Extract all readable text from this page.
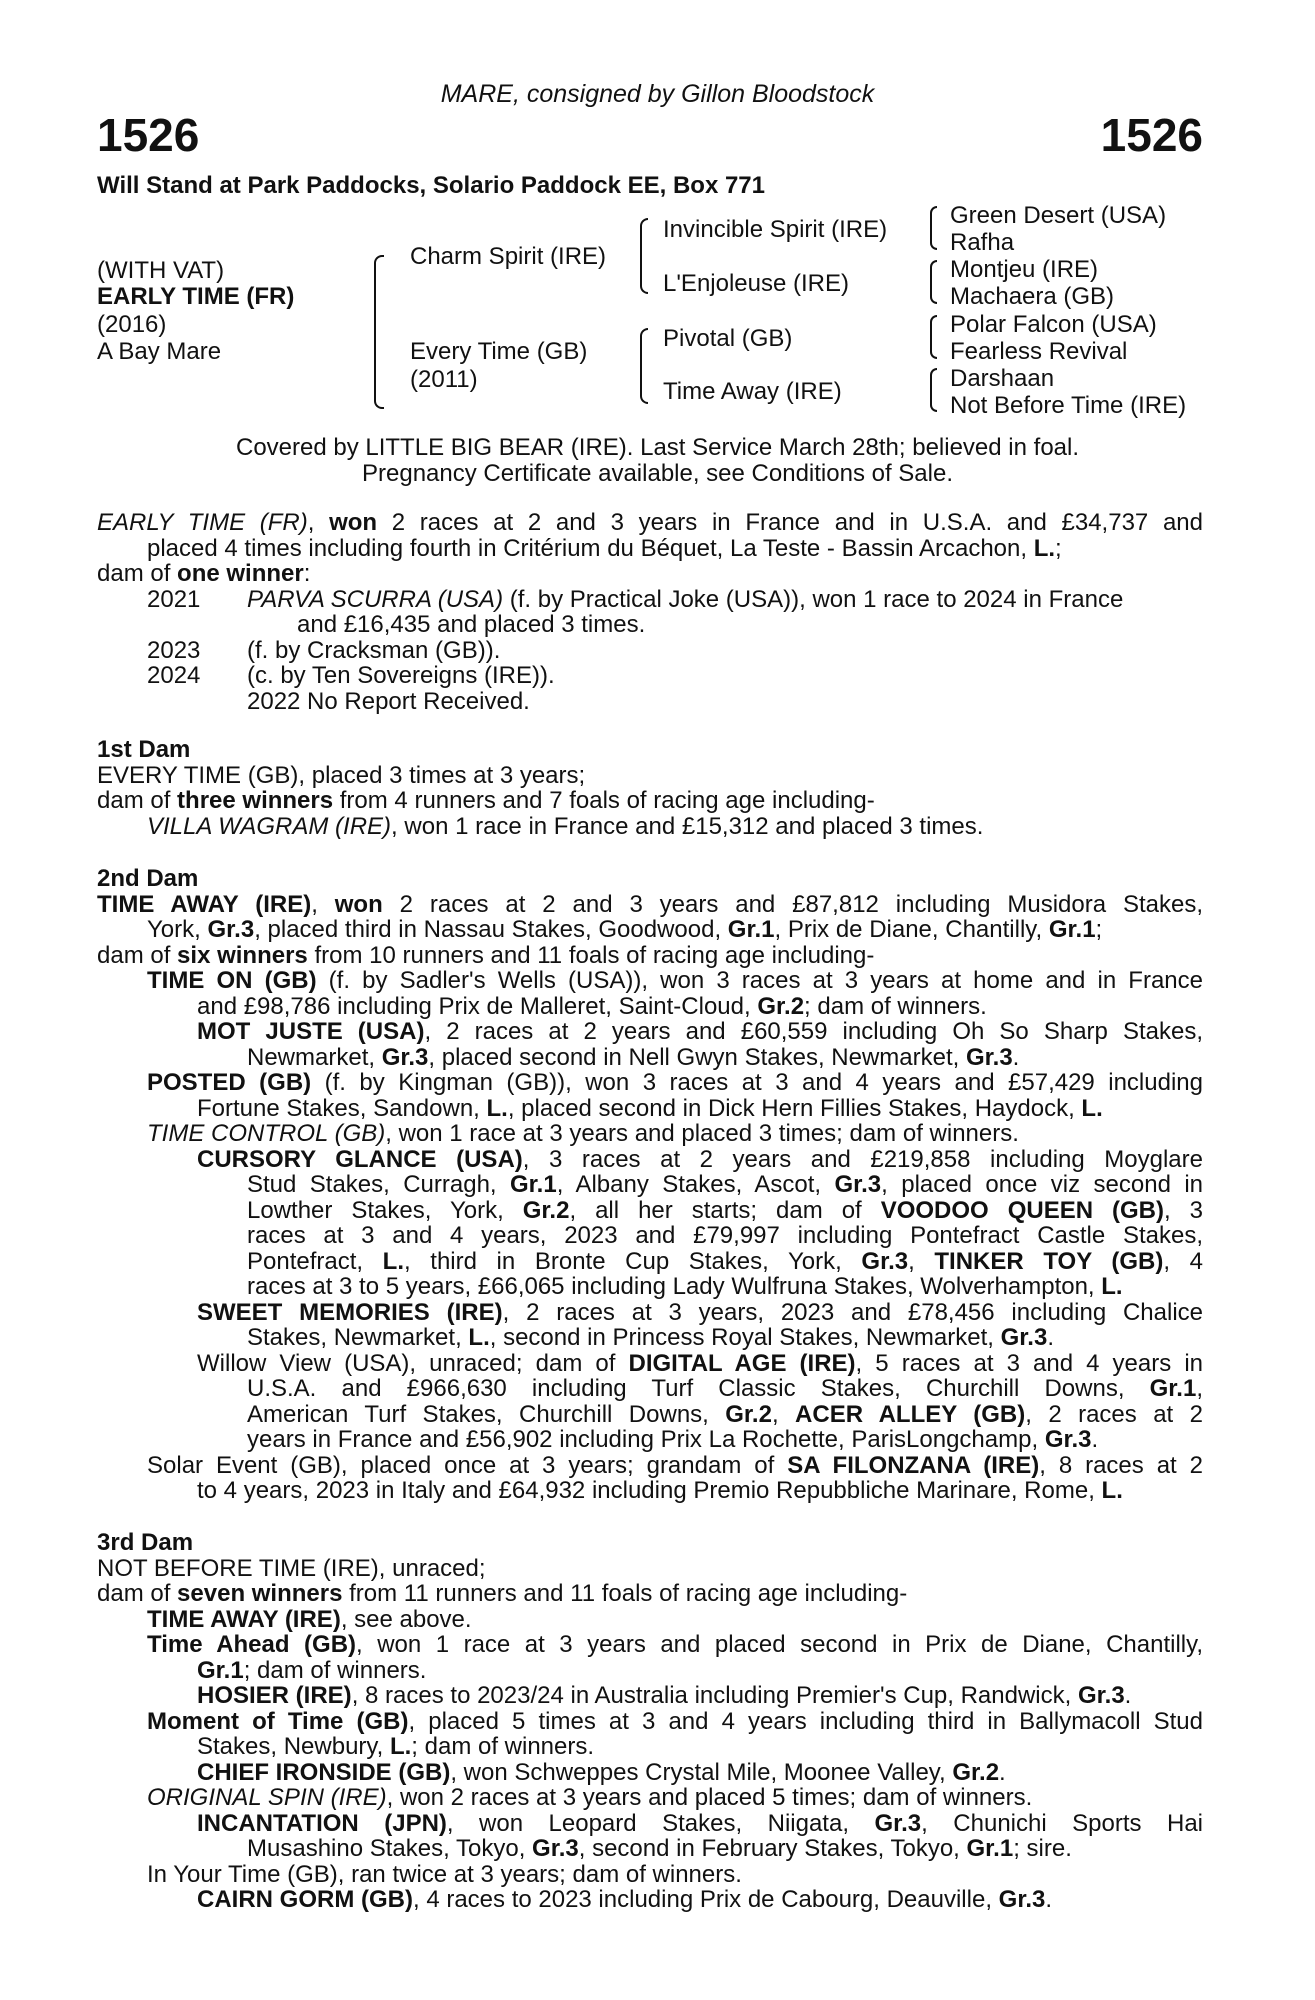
MARE, consigned by Gillon Bloodstock
1526	1526
Will Stand at Park Paddocks, Solario Paddock EE, Box 771
(WITH VAT)
EARLY TIME (FR)
(2016)
A Bay Mare
Charm Spirit (IRE)
Every Time (GB)
(2011)
Invincible Spirit (IRE)
L'Enjoleuse (IRE)
Pivotal (GB)
Time Away (IRE)
Green Desert (USA)
Rafha
Montjeu (IRE)
Machaera (GB)
Polar Falcon (USA)
Fearless Revival
Darshaan
Not Before Time (IRE)
Covered by LITTLE BIG BEAR (IRE). Last Service March 28th; believed in foal.
Pregnancy Certificate available, see Conditions of Sale.
EARLY TIME (FR), won 2 races at 2 and 3 years in France and in U.S.A. and £34,737 and
placed 4 times including fourth in Critérium du Béquet, La Teste - Bassin Arcachon, L.;
dam of one winner:
2021 PARVA SCURRA (USA) (f. by Practical Joke (USA)), won 1 race to 2024 in France
and £16,435 and placed 3 times.
2023 (f. by Cracksman (GB)).
2024 (c. by Ten Sovereigns (IRE)).
2022 No Report Received.
1st Dam
EVERY TIME (GB), placed 3 times at 3 years;
dam of three winners from 4 runners and 7 foals of racing age including-
VILLA WAGRAM (IRE), won 1 race in France and £15,312 and placed 3 times.
2nd Dam
TIME AWAY (IRE), won 2 races at 2 and 3 years and £87,812 including Musidora Stakes,
York, Gr.3, placed third in Nassau Stakes, Goodwood, Gr.1, Prix de Diane, Chantilly, Gr.1;
dam of six winners from 10 runners and 11 foals of racing age including-
TIME ON (GB) (f. by Sadler's Wells (USA)), won 3 races at 3 years at home and in France
and £98,786 including Prix de Malleret, Saint-Cloud, Gr.2; dam of winners.
MOT JUSTE (USA), 2 races at 2 years and £60,559 including Oh So Sharp Stakes,
Newmarket, Gr.3, placed second in Nell Gwyn Stakes, Newmarket, Gr.3.
POSTED (GB) (f. by Kingman (GB)), won 3 races at 3 and 4 years and £57,429 including
Fortune Stakes, Sandown, L., placed second in Dick Hern Fillies Stakes, Haydock, L.
TIME CONTROL (GB), won 1 race at 3 years and placed 3 times; dam of winners.
CURSORY GLANCE (USA), 3 races at 2 years and £219,858 including Moyglare
Stud Stakes, Curragh, Gr.1, Albany Stakes, Ascot, Gr.3, placed once viz second in
Lowther Stakes, York, Gr.2, all her starts; dam of VOODOO QUEEN (GB), 3
races at 3 and 4 years, 2023 and £79,997 including Pontefract Castle Stakes,
Pontefract, L., third in Bronte Cup Stakes, York, Gr.3, TINKER TOY (GB), 4
races at 3 to 5 years, £66,065 including Lady Wulfruna Stakes, Wolverhampton, L.
SWEET MEMORIES (IRE), 2 races at 3 years, 2023 and £78,456 including Chalice
Stakes, Newmarket, L., second in Princess Royal Stakes, Newmarket, Gr.3.
Willow View (USA), unraced; dam of DIGITAL AGE (IRE), 5 races at 3 and 4 years in
U.S.A. and £966,630 including Turf Classic Stakes, Churchill Downs, Gr.1,
American Turf Stakes, Churchill Downs, Gr.2, ACER ALLEY (GB), 2 races at 2
years in France and £56,902 including Prix La Rochette, ParisLongchamp, Gr.3.
Solar Event (GB), placed once at 3 years; grandam of SA FILONZANA (IRE), 8 races at 2
to 4 years, 2023 in Italy and £64,932 including Premio Repubbliche Marinare, Rome, L.
3rd Dam
NOT BEFORE TIME (IRE), unraced;
dam of seven winners from 11 runners and 11 foals of racing age including-
TIME AWAY (IRE), see above.
Time Ahead (GB), won 1 race at 3 years and placed second in Prix de Diane, Chantilly,
Gr.1; dam of winners.
HOSIER (IRE), 8 races to 2023/24 in Australia including Premier's Cup, Randwick, Gr.3.
Moment of Time (GB), placed 5 times at 3 and 4 years including third in Ballymacoll Stud
Stakes, Newbury, L.; dam of winners.
CHIEF IRONSIDE (GB), won Schweppes Crystal Mile, Moonee Valley, Gr.2.
ORIGINAL SPIN (IRE), won 2 races at 3 years and placed 5 times; dam of winners.
INCANTATION (JPN), won Leopard Stakes, Niigata, Gr.3, Chunichi Sports Hai
Musashino Stakes, Tokyo, Gr.3, second in February Stakes, Tokyo, Gr.1; sire.
In Your Time (GB), ran twice at 3 years; dam of winners.
CAIRN GORM (GB), 4 races to 2023 including Prix de Cabourg, Deauville, Gr.3.
